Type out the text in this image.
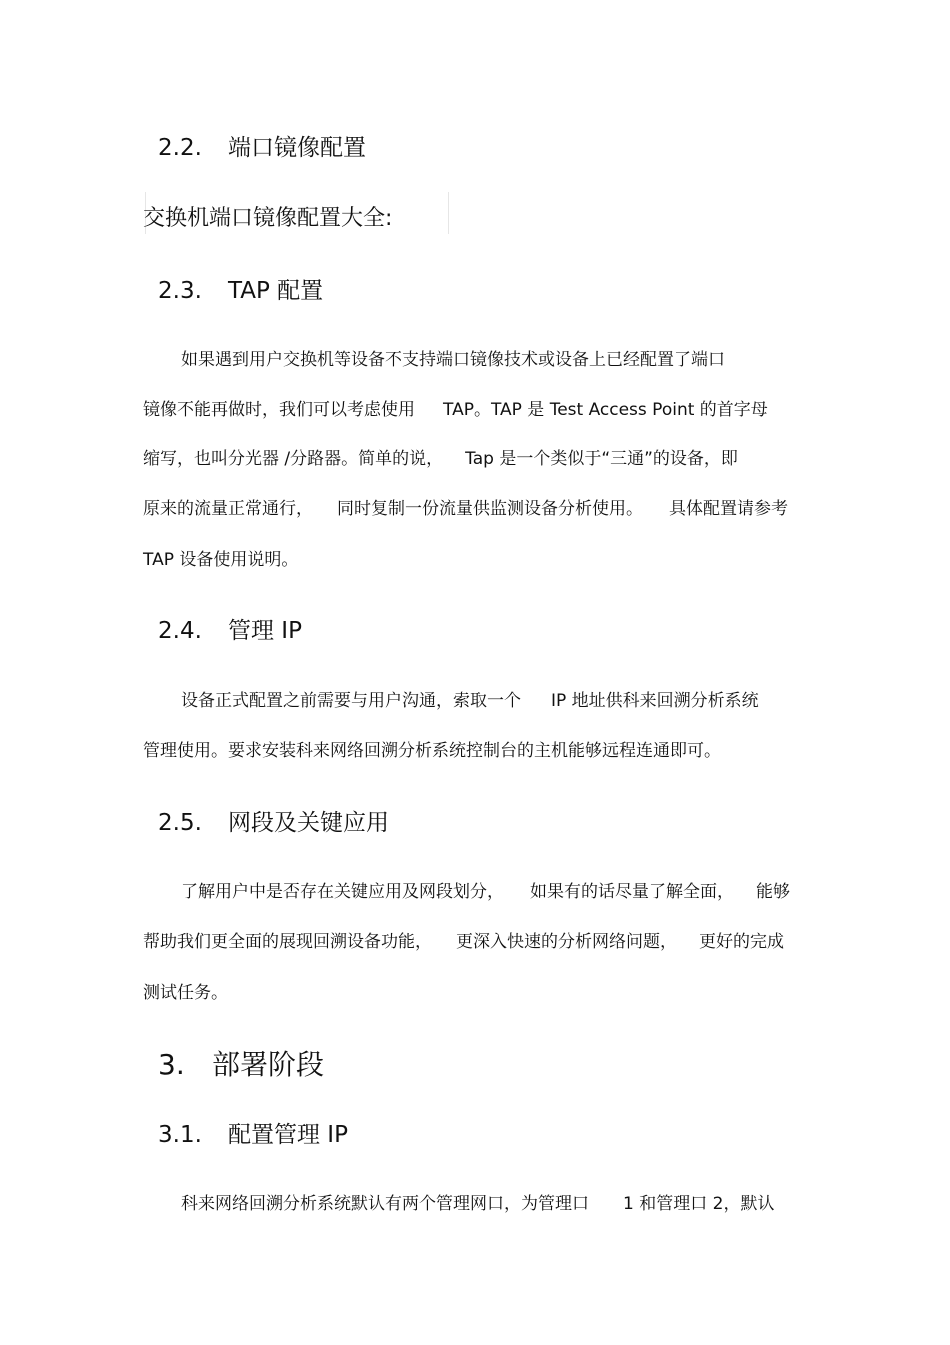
2.2. 端口镜像配置
交换机端口镜像配置大全:
2.3. TAP 配置
如果遇到用户交换机等设备不支持端口镜像技术或设备上已经配置了端口
镜像不能再做时，我们可以考虑使用 TAP。TAP 是 Test Access Point 的首字母
缩写，也叫分光器 /分路器。简单的说， Tap 是一个类似于“三通”的设备，即
原来的流量正常通行， 同时复制一份流量供监测设备分析使用。 具体配置请参考
TAP 设备使用说明。
2.4. 管理 IP
设备正式配置之前需要与用户沟通，索取一个 IP 地址供科来回溯分析系统
管理使用。要求安装科来网络回溯分析系统控制台的主机能够远程连通即可。
2.5. 网段及关键应用
了解用户中是否存在关键应用及网段划分， 如果有的话尽量了解全面， 能够
帮助我们更全面的展现回溯设备功能， 更深入快速的分析网络问题， 更好的完成
测试任务。
3. 部署阶段
3.1. 配置管理 IP
科来网络回溯分析系统默认有两个管理网口，为管理口 1 和管理口 2，默认
